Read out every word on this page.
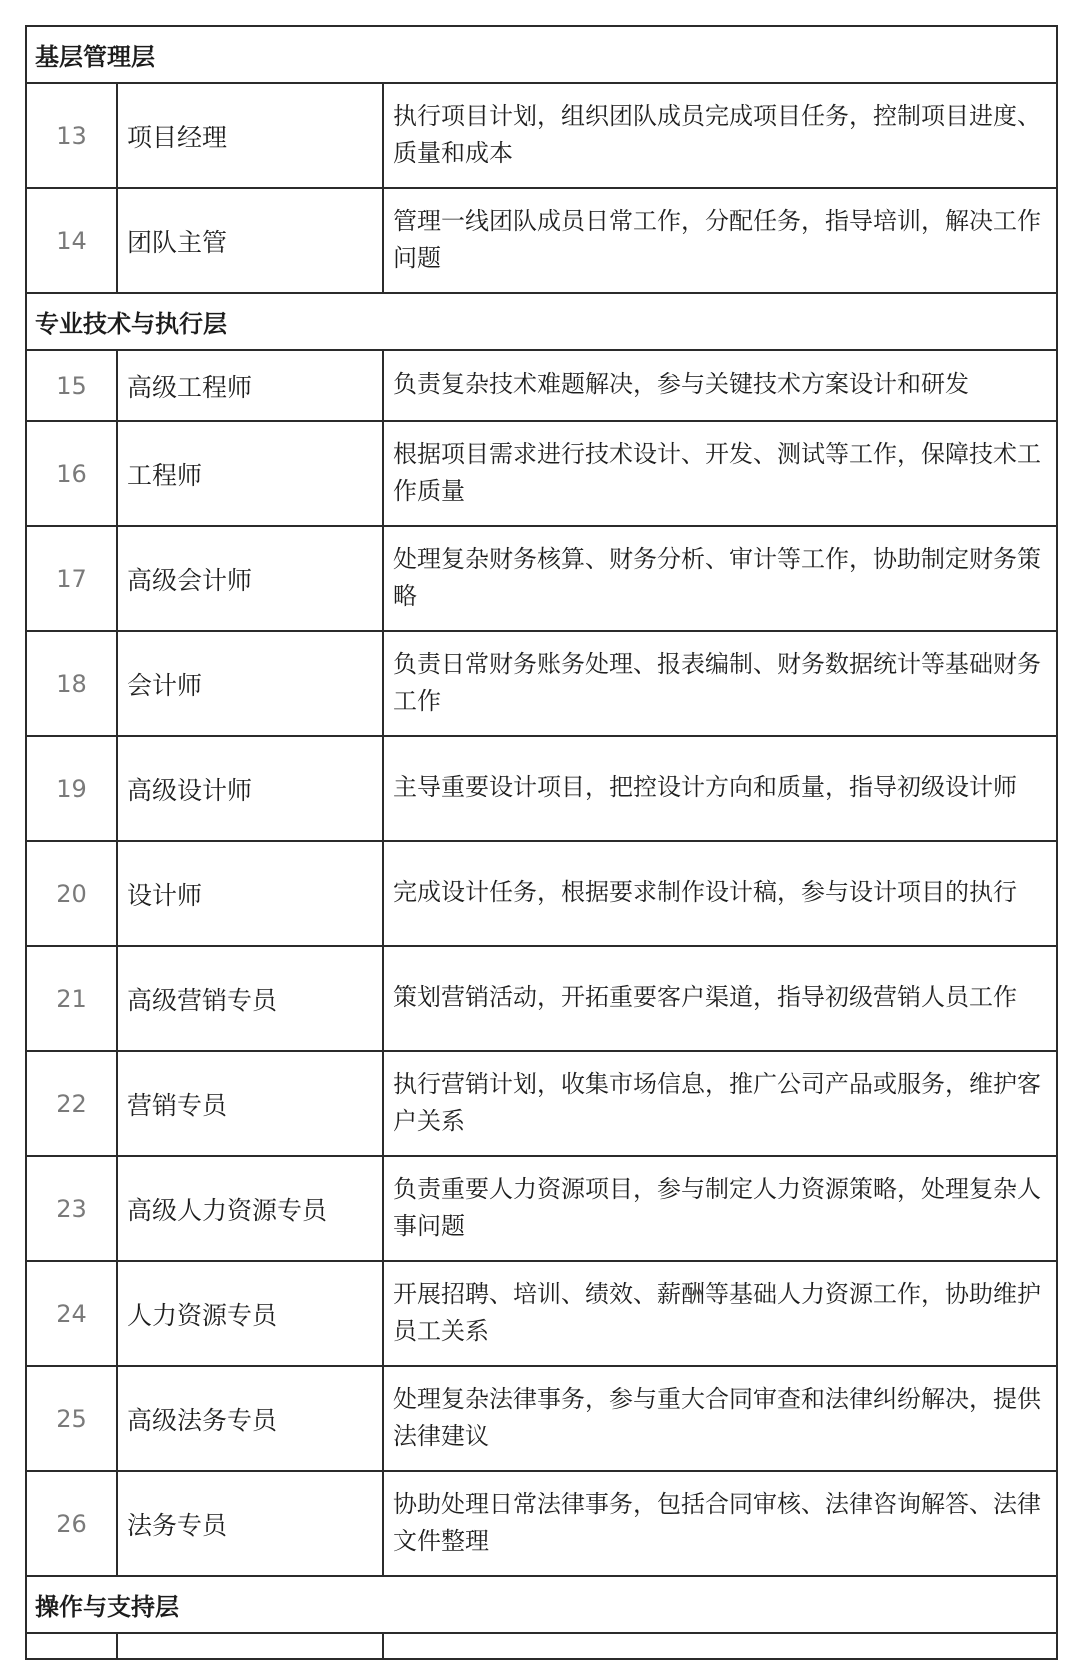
基层管理层		
13	项目经理	执行项目计划，组织团队成员完成项目任务，控制项目进度、质量和成本
14	团队主管	管理一线团队成员日常工作，分配任务，指导培训，解决工作问题
专业技术与执行层		
15	高级工程师	负责复杂技术难题解决，参与关键技术方案设计和研发
16	工程师	根据项目需求进行技术设计、开发、测试等工作，保障技术工作质量
17	高级会计师	处理复杂财务核算、财务分析、审计等工作，协助制定财务策略
18	会计师	负责日常财务账务处理、报表编制、财务数据统计等基础财务工作
19	高级设计师	主导重要设计项目，把控设计方向和质量，指导初级设计师
20	设计师	完成设计任务，根据要求制作设计稿，参与设计项目的执行
21	高级营销专员	策划营销活动，开拓重要客户渠道，指导初级营销人员工作
22	营销专员	执行营销计划，收集市场信息，推广公司产品或服务，维护客户关系
23	高级人力资源专员	负责重要人力资源项目，参与制定人力资源策略，处理复杂人事问题
24	人力资源专员	开展招聘、培训、绩效、薪酬等基础人力资源工作，协助维护员工关系
25	高级法务专员	处理复杂法律事务，参与重大合同审查和法律纠纷解决，提供法律建议
26	法务专员	协助处理日常法律事务，包括合同审核、法律咨询解答、法律文件整理
操作与支持层		
